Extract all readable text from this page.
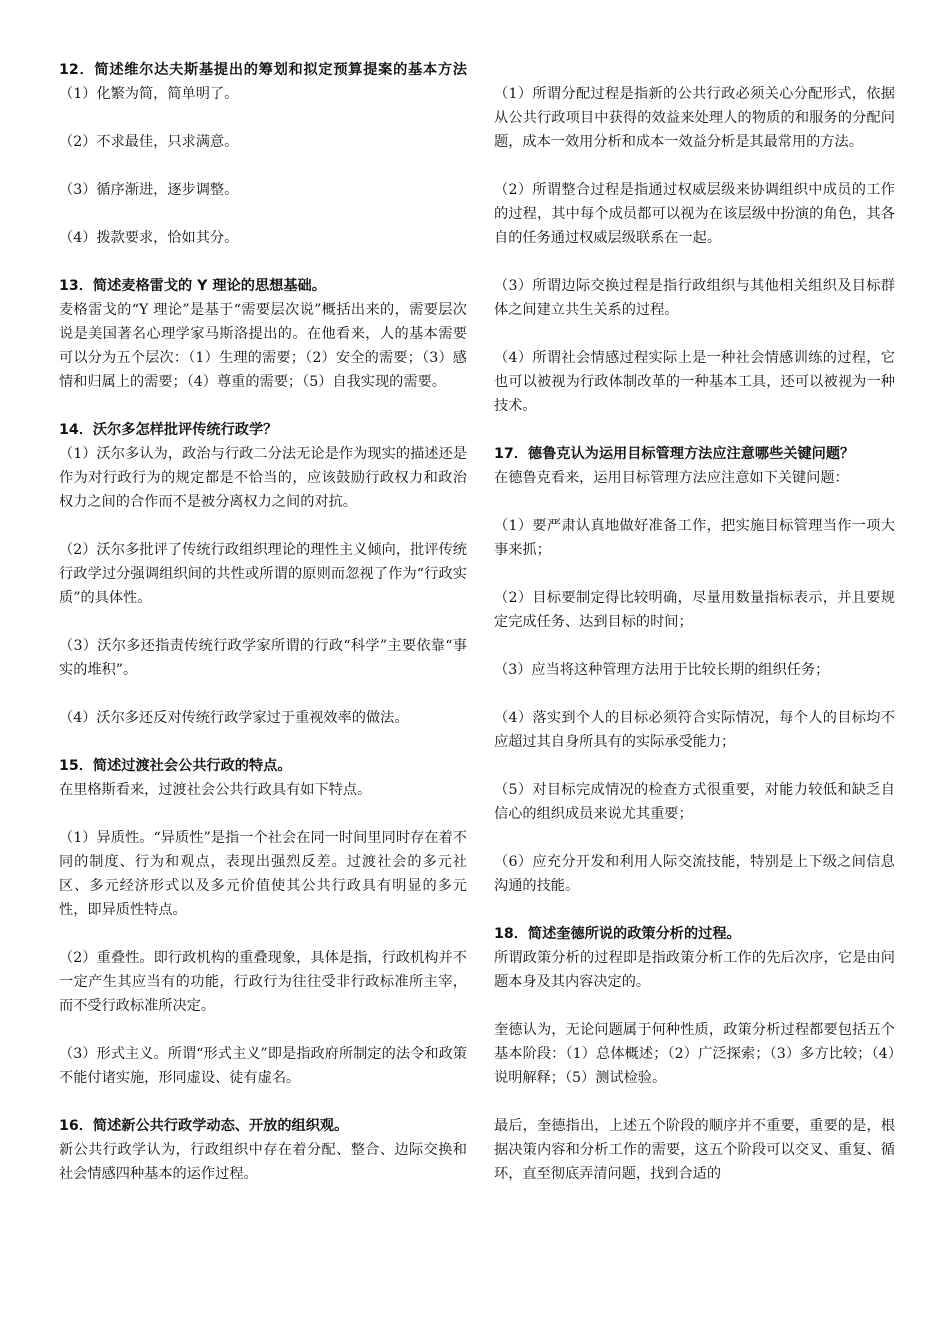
12．简述维尔达夫斯基提出的筹划和拟定预算提案的基本方法（1）化繁为简，简单明了。
（2）不求最佳，只求满意。
（3）循序渐进，逐步调整。
（4）拨款要求，恰如其分。
13．简述麦格雷戈的 Y 理论的思想基础。
麦格雷戈的“Y 理论”是基于“需要层次说”概括出来的，需要层次说是美国著名心理学家马斯洛提出的。在他看来，人的基本需要可以分为五个层次：（1）生理的需要；（2）安全的需要；（3）感情和归属上的需要；（4）尊重的需要；（5）自我实现的需要。
14．沃尔多怎样批评传统行政学？
（1）沃尔多认为，政治与行政二分法无论是作为现实的描述还是作为对行政行为的规定都是不恰当的，应该鼓励行政权力和政治权力之间的合作而不是被分离权力之间的对抗。
（2）沃尔多批评了传统行政组织理论的理性主义倾向，批评传统行政学过分强调组织间的共性或所谓的原则而忽视了作为“行政实质”的具体性。
（3）沃尔多还指责传统行政学家所谓的行政“科学”主要依靠“事实的堆积”。
（4）沃尔多还反对传统行政学家过于重视效率的做法。
15．简述过渡社会公共行政的特点。
在里格斯看来，过渡社会公共行政具有如下特点。
（1）异质性。“异质性”是指一个社会在同一时间里同时存在着不同的制度、行为和观点，表现出强烈反差。过渡社会的多元社区、多元经济形式以及多元价值使其公共行政具有明显的多元性，即异质性特点。
（2）重叠性。即行政机构的重叠现象，具体是指，行政机构并不一定产生其应当有的功能，行政行为往往受非行政标准所主宰，而不受行政标准所决定。
（3）形式主义。所谓“形式主义”即是指政府所制定的法令和政策不能付诸实施，形同虚设、徒有虚名。
16．简述新公共行政学动态、开放的组织观。
新公共行政学认为，行政组织中存在着分配、整合、边际交换和社会情感四种基本的运作过程。
（1）所谓分配过程是指新的公共行政必须关心分配形式，依据从公共行政项目中获得的效益来处理人的物质的和服务的分配问题，成本一效用分析和成本一效益分析是其最常用的方法。
（2）所谓整合过程是指通过权威层级来协调组织中成员的工作的过程，其中每个成员都可以视为在该层级中扮演的角色，其各自的任务通过权威层级联系在一起。
（3）所谓边际交换过程是指行政组织与其他相关组织及目标群体之间建立共生关系的过程。
（4）所谓社会情感过程实际上是一种社会情感训练的过程，它也可以被视为行政体制改革的一种基本工具，还可以被视为一种技术。
17．德鲁克认为运用目标管理方法应注意哪些关键问题？
在德鲁克看来，运用目标管理方法应注意如下关键问题：
（1）要严肃认真地做好准备工作，把实施目标管理当作一项大事来抓；
（2）目标要制定得比较明确，尽量用数量指标表示，并且要规定完成任务、达到目标的时间；
（3）应当将这种管理方法用于比较长期的组织任务；
（4）落实到个人的目标必须符合实际情况，每个人的目标均不应超过其自身所具有的实际承受能力；
（5）对目标完成情况的检查方式很重要，对能力较低和缺乏自信心的组织成员来说尤其重要；
（6）应充分开发和利用人际交流技能，特别是上下级之间信息沟通的技能。
18．简述奎德所说的政策分析的过程。
所谓政策分析的过程即是指政策分析工作的先后次序，它是由问题本身及其内容决定的。
奎德认为，无论问题属于何种性质，政策分析过程都要包括五个基本阶段：（1）总体概述；（2）广泛探索；（3）多方比较；（4）说明解释；（5）测试检验。
最后，奎德指出，上述五个阶段的顺序并不重要，重要的是，根据决策内容和分析工作的需要，这五个阶段可以交叉、重复、循环，直至彻底弄清问题，找到合适的
